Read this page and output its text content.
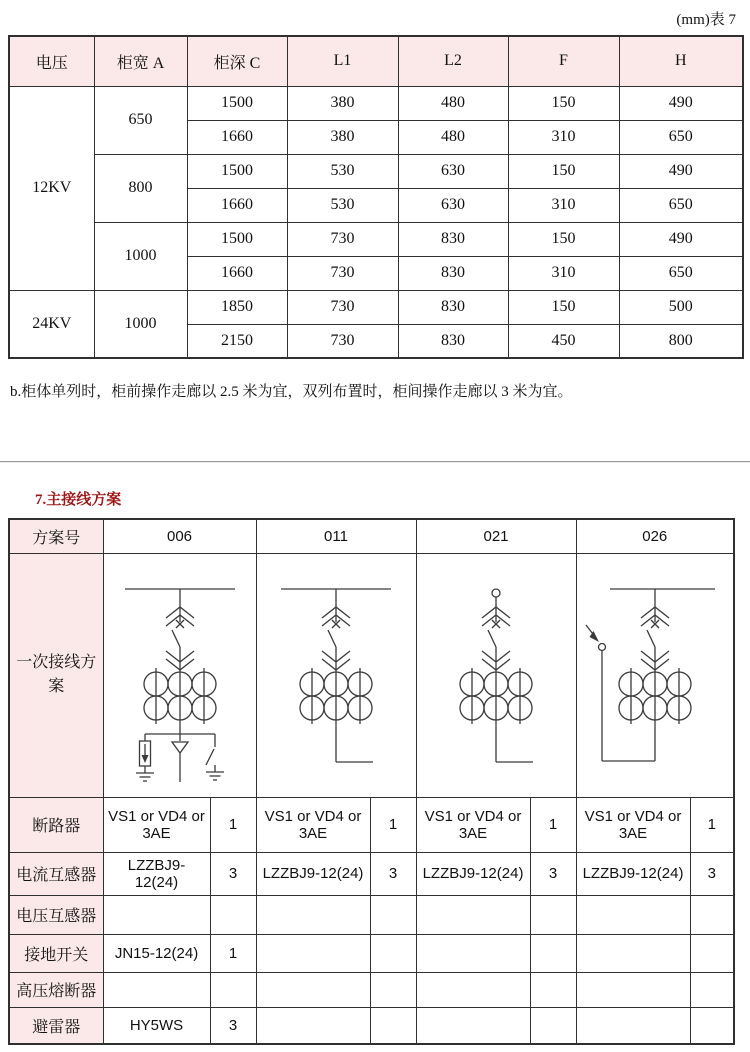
(mm)表 7
电压	柜宽 A	柜深 C	L1	L2	F	H
12KV	650	1500	380	480	150	490
		1660	380	480	310	650
	800	1500	530	630	150	490
		1660	530	630	310	650
	1000	1500	730	830	150	490
		1660	730	830	310	650
24KV	1000	1850	730	830	150	500
		2150	730	830	450	800
b.柜体单列时，柜前操作走廊以 2.5 米为宜，双列布置时，柜间操作走廊以 3 米为宜。
7.主接线方案
方案号	006		011		021		026	
一次接线方案	

断路器	VS1 or VD4 or 3AE	1	VS1 or VD4 or 3AE	1	VS1 or VD4 or 3AE	1	VS1 or VD4 or 3AE	1
电流互感器	LZZBJ9-12(24)	3	LZZBJ9-12(24)	3	LZZBJ9-12(24)	3	LZZBJ9-12(24)	3
电压互感器								
接地开关	JN15-12(24)	1						
高压熔断器								
避雷器	HY5WS	3						
